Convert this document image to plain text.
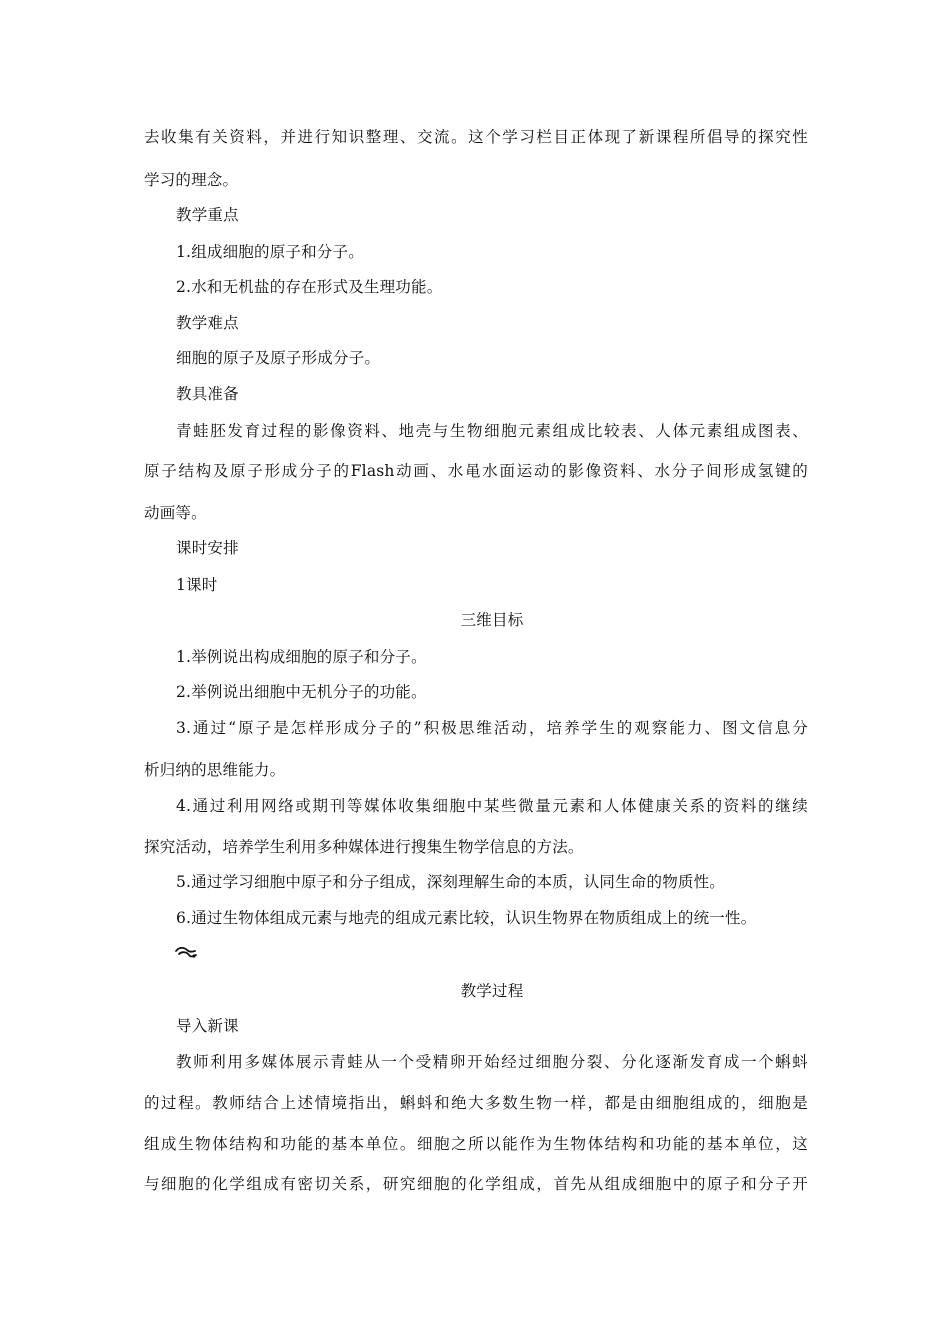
去收集有关资料，并进行知识整理、交流。这个学习栏目正体现了新课程所倡导的探究性
学习的理念。
教学重点
1.组成细胞的原子和分子。
2.水和无机盐的存在形式及生理功能。
教学难点
细胞的原子及原子形成分子。
教具准备
青蛙胚发育过程的影像资料、地壳与生物细胞元素组成比较表、人体元素组成图表、
原子结构及原子形成分子的Flash动画、水黾水面运动的影像资料、水分子间形成氢键的
动画等。
课时安排
1课时
三维目标
1.举例说出构成细胞的原子和分子。
2.举例说出细胞中无机分子的功能。
3.通过“原子是怎样形成分子的”积极思维活动，培养学生的观察能力、图文信息分
析归纳的思维能力。
4.通过利用网络或期刊等媒体收集细胞中某些微量元素和人体健康关系的资料的继续
探究活动，培养学生利用多种媒体进行搜集生物学信息的方法。
5.通过学习细胞中原子和分子组成，深刻理解生命的本质，认同生命的物质性。
6.通过生物体组成元素与地壳的组成元素比较，认识生物界在物质组成上的统一性。
教学过程
导入新课
教师利用多媒体展示青蛙从一个受精卵开始经过细胞分裂、分化逐渐发育成一个蝌蚪
的过程。教师结合上述情境指出，蝌蚪和绝大多数生物一样，都是由细胞组成的，细胞是
组成生物体结构和功能的基本单位。细胞之所以能作为生物体结构和功能的基本单位，这
与细胞的化学组成有密切关系，研究细胞的化学组成，首先从组成细胞中的原子和分子开
